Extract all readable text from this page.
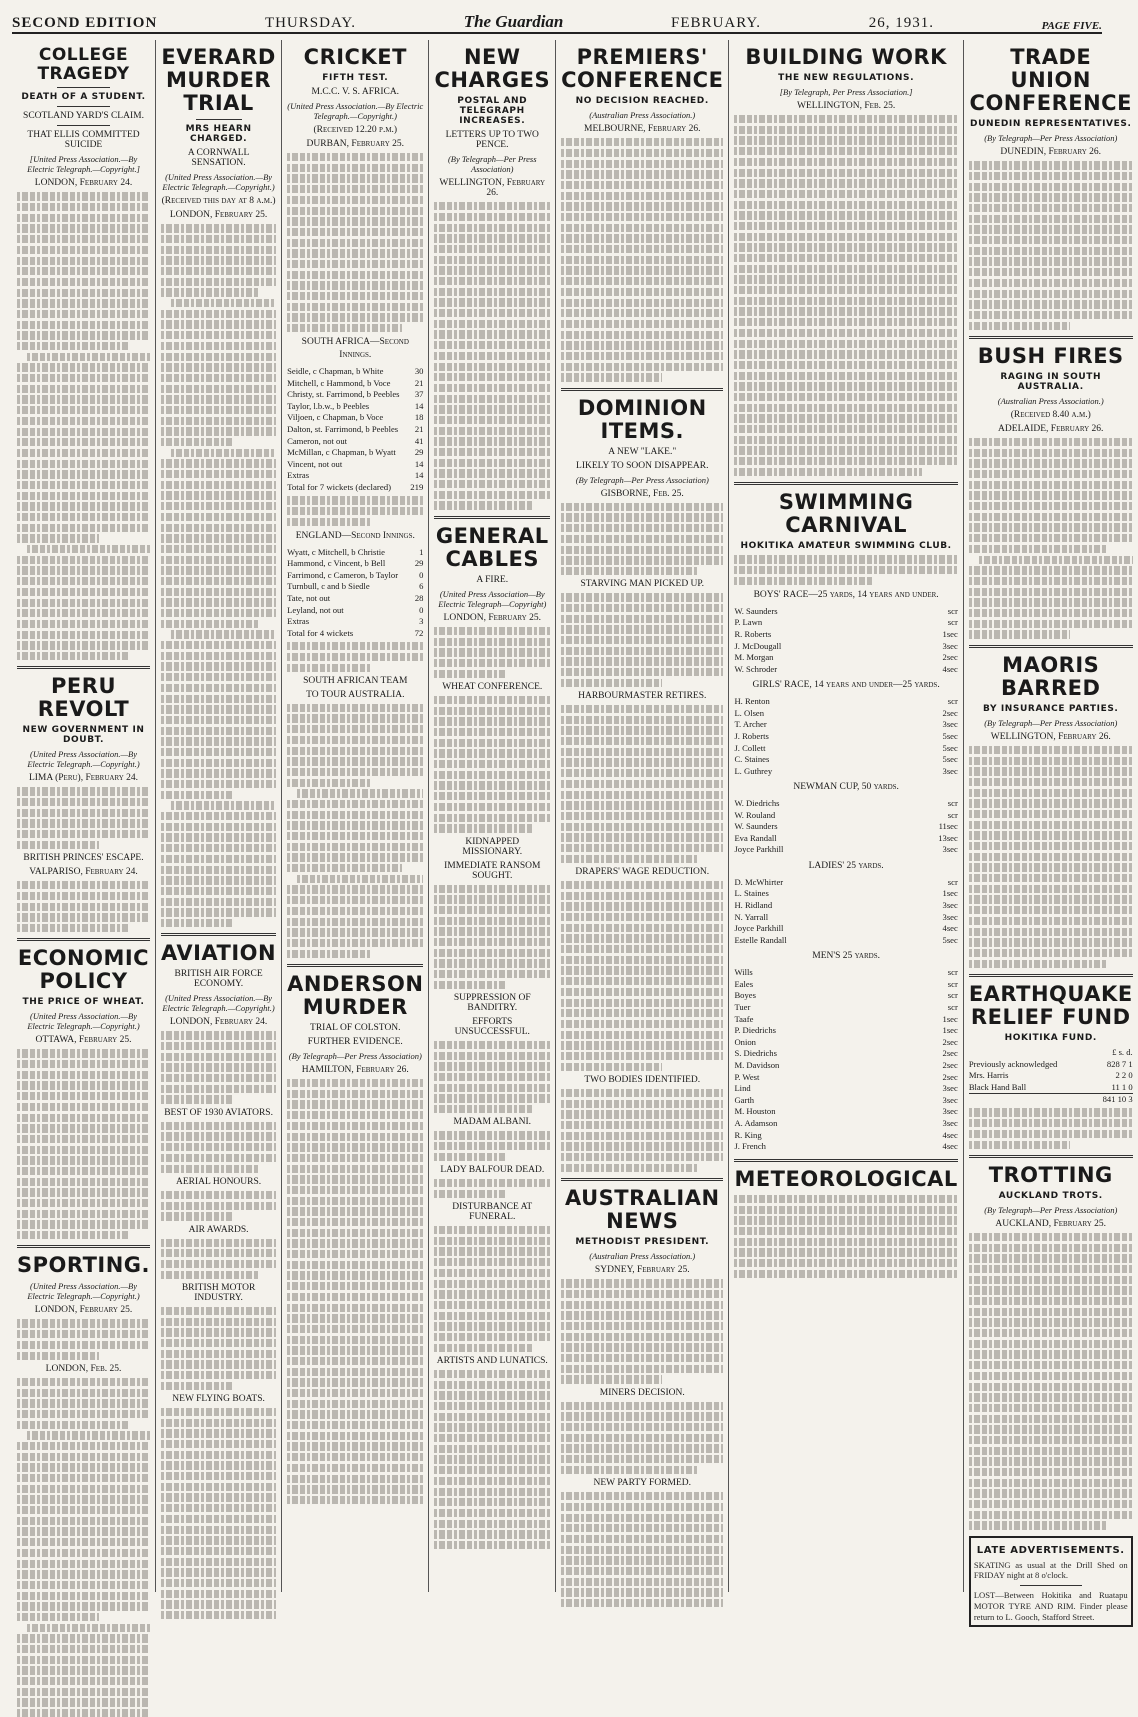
SECOND EDITION	THURSDAY.	The Guardian	FEBRUARY.	26, 1931.	PAGE FIVE.
COLLEGE TRAGEDY
DEATH OF A STUDENT.
SCOTLAND YARD'S CLAIM.
THAT ELLIS COMMITTED SUICIDE
[United Press Association.—By Electric Telegraph.—Copyright.]
LONDON, February 24.
PERU REVOLT
NEW GOVERNMENT IN DOUBT.
(United Press Association.—By Electric Telegraph.—Copyright.)
LIMA (Peru), February 24.
BRITISH PRINCES' ESCAPE.
VALPARISO, February 24.
ECONOMIC POLICY
THE PRICE OF WHEAT.
(United Press Association.—By Electric Telegraph.—Copyright.)
OTTAWA, February 25.
SPORTING.
(United Press Association.—By Electric Telegraph.—Copyright.)
LONDON, February 25.
LONDON, Feb. 25.
EVERARD MURDER TRIAL
MRS HEARN CHARGED.
A CORNWALL SENSATION.
(United Press Association.—By Electric Telegraph.—Copyright.)
(Received this day at 8 a.m.)
LONDON, February 25.
AVIATION
BRITISH AIR FORCE ECONOMY.
(United Press Association.—By Electric Telegraph.—Copyright.)
LONDON, February 24.
BEST OF 1930 AVIATORS.
AERIAL HONOURS.
AIR AWARDS.
BRITISH MOTOR INDUSTRY.
NEW FLYING BOATS.
CRICKET
FIFTH TEST.
M.C.C. V. S. AFRICA.
(United Press Association.—By Electric Telegraph.—Copyright.)
(Received 12.20 p.m.)
DURBAN, February 25.
SOUTH AFRICA—Second Innings.
Seidle, c Chapman, b White	30
Mitchell, c Hammond, b Voce	21
Christy, st. Farrimond, b Peebles 37
Taylor, l.b.w., b Peebles	14
Viljoen, c Chapman, b Voce	18
Dalton, st. Farrimond, b Peebles 21
Cameron, not out	41
McMillan, c Chapman, b Wyatt 29
Vincent, not out	14
Extras	14
Total for 7 wickets (declared) 219
ENGLAND—Second Innings.
Wyatt, c Mitchell, b Christie	1
Hammond, c Vincent, b Bell	29
Farrimond, c Cameron, b Taylor 0
Turnbull, c and b Siedle	6
Tate, not out	28
Leyland, not out	0
Extras	3
Total for 4 wickets	72
SOUTH AFRICAN TEAM
TO TOUR AUSTRALIA.
ANDERSON MURDER
TRIAL OF COLSTON.
FURTHER EVIDENCE.
(By Telegraph—Per Press Association)
HAMILTON, February 26.
NEW CHARGES
POSTAL AND TELEGRAPH INCREASES.
LETTERS UP TO TWO PENCE.
(By Telegraph—Per Press Association)
WELLINGTON, February 26.
GENERAL CABLES
A FIRE.
(United Press Association—By Electric Telegraph—Copyright)
LONDON, February 25.
WHEAT CONFERENCE.
KIDNAPPED MISSIONARY.
IMMEDIATE RANSOM SOUGHT.
SUPPRESSION OF BANDITRY.
EFFORTS UNSUCCESSFUL.
MADAM ALBANI.
LADY BALFOUR DEAD.
DISTURBANCE AT FUNERAL.
ARTISTS AND LUNATICS.
PREMIERS' CONFERENCE
NO DECISION REACHED.
(Australian Press Association.)
MELBOURNE, February 26.
DOMINION ITEMS.
A NEW "LAKE."
LIKELY TO SOON DISAPPEAR.
(By Telegraph—Per Press Association)
GISBORNE, Feb. 25.
STARVING MAN PICKED UP.
HARBOURMASTER RETIRES.
DRAPERS' WAGE REDUCTION.
TWO BODIES IDENTIFIED.
AUSTRALIAN NEWS
METHODIST PRESIDENT.
(Australian Press Association.)
SYDNEY, February 25.
MINERS DECISION.
NEW PARTY FORMED.
BUILDING WORK
THE NEW REGULATIONS.
[By Telegraph, Per Press Association.]
WELLINGTON, Feb. 25.
SWIMMING CARNIVAL
HOKITIKA AMATEUR SWIMMING CLUB.
BOYS' RACE—25 yards, 14 years and under.
W. Saunders	scr
P. Lawn	scr
R. Roberts	1sec
J. McDougall	3sec
M. Morgan	2sec
W. Schroder	4sec
GIRLS' RACE, 14 years and under—25 yards.
H. Renton	scr
L. Olsen	2sec
T. Archer	3sec
J. Roberts	5sec
J. Collett	5sec
C. Staines	5sec
L. Guthrey	3sec
NEWMAN CUP, 50 yards.
W. Diedrichs	scr
W. Rouland	scr
W. Saunders	11sec
Eva Randall	13sec
Joyce Parkhill	3sec
LADIES' 25 yards.
D. McWhirter	scr
L. Staines	1sec
H. Ridland	3sec
N. Yarrall	3sec
Joyce Parkhill	4sec
Estelle Randall	5sec
MEN'S 25 yards.
Wills	scr
Eales	scr
Boyes	scr
Tuer	scr
Taafe	1sec
P. Diedrichs	1sec
Onion	2sec
S. Diedrichs	2sec
M. Davidson	2sec
P. West	2sec
Lind	3sec
Garth	3sec
M. Houston	3sec
A. Adamson	3sec
R. King	4sec
J. French	4sec
METEOROLOGICAL
TRADE UNION CONFERENCE
DUNEDIN REPRESENTATIVES.
(By Telegraph—Per Press Association)
DUNEDIN, February 26.
BUSH FIRES
RAGING IN SOUTH AUSTRALIA.
(Australian Press Association.)
(Received 8.40 a.m.)
ADELAIDE, February 26.
MAORIS BARRED
BY INSURANCE PARTIES.
(By Telegraph—Per Press Association)
WELLINGTON, February 26.
EARTHQUAKE RELIEF FUND
HOKITIKA FUND.
£ s. d.
Previously acknowledged	828 7 1
Mrs. Harris	2 2 0
Black Hand Ball	11 1 0
841 10 3
TROTTING
AUCKLAND TROTS.
(By Telegraph—Per Press Association)
AUCKLAND, February 25.
LATE ADVERTISEMENTS.
SKATING as usual at the Drill Shed on FRIDAY night at 8 o'clock.
LOST—Between Hokitika and Ruatapu MOTOR TYRE AND RIM. Finder please return to L. Gooch, Stafford Street.
